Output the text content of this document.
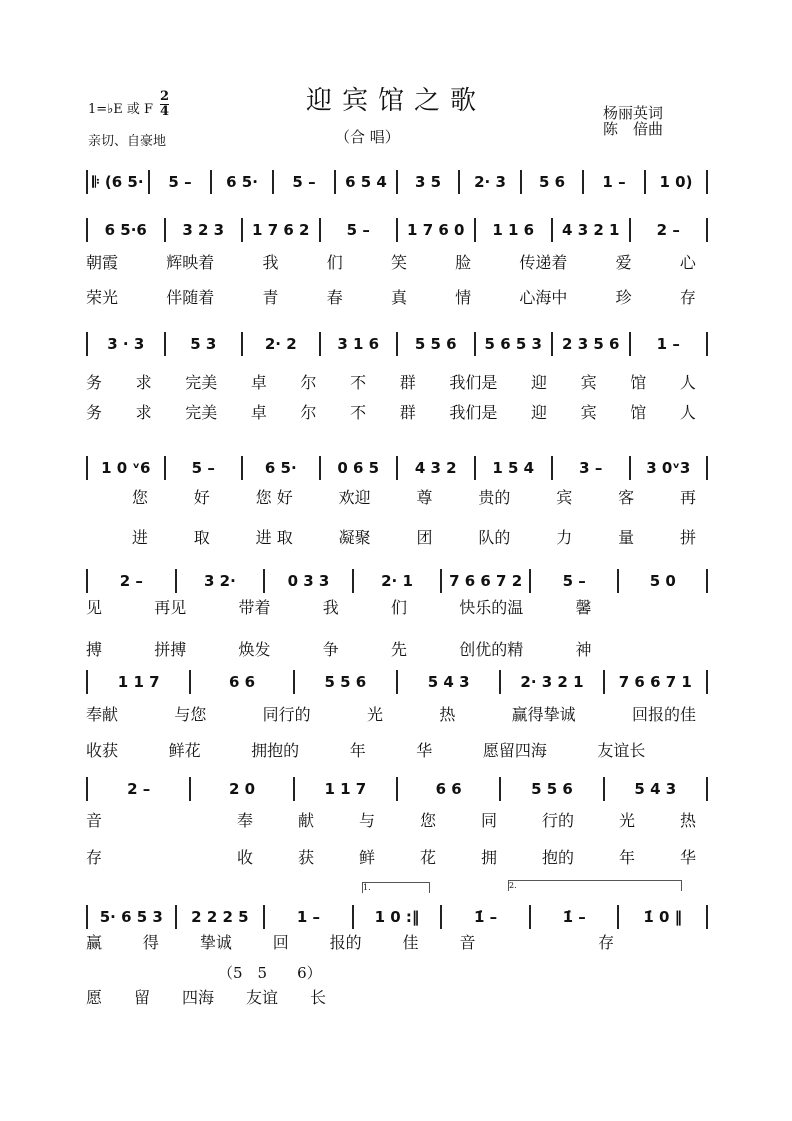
迎宾馆之歌
1=♭E 或 F
2
4
亲切、自豪地	（合 唱）
杨丽英词
陈　偣曲
𝄆 (6 5·	5 –	6 5·	5 –	6 5 4	3 5	2· 3	5 6	1 –	1 0)
6 5·6	3 2 3	1 7 6 2	5 –	1 7 6 0	1 1 6	4 3 2 1	2 –
朝霞	辉映着	我	们	笑	脸	传递着	爱	心
荣光	伴随着	青	春	真	情	心海中	珍	存
3 · 3	5 3	2· 2	3 1 6	5 5 6	5 6 5 3	2 3 5 6	1 –
务 求 完美 卓 尔 不 群 我们是 迎 宾 馆 人
务 求 完美 卓 尔 不 群 我们是 迎 宾 馆 人
1 0 ᵛ6	5 –	6 5·	0 6 5	4 3 2	1 5 4	3 –	3 0ᵛ3
您	好	您 好	欢迎	尊	贵的	宾	客	再
进	取	进 取	凝聚	团	队的	力	量	拼
2 –	3 2·	0 3 3	2· 1	7 6 6 7 2	5 –	5 0
见	再见	带着	我	们	快乐的温	馨
搏	拼搏	焕发	争	先	创优的精	神
1 1 7	6 6	5 5 6	5 4 3	2· 3 2 1	7 6 6 7 1
奉献	与您	同行的	光	热	赢得挚诚	回报的佳
收获	鲜花	拥抱的	年	华	愿留四海	友谊长
2 –	2 0	1 1 7	6 6	5 5 6	5 4 3
音	奉	献	与	您	同	行的	光	热
存	收	获	鲜	花	拥	抱的	年	华
5· 6 5 3	2 2 2 5	1 –	1 0 :‖	1̇ –	1̇ –	1̇ 0 ‖
赢	得	挚诚	回	报的	佳	音	存
愿 留 四海 友谊 长
2.
1.
（5　5　　6）
